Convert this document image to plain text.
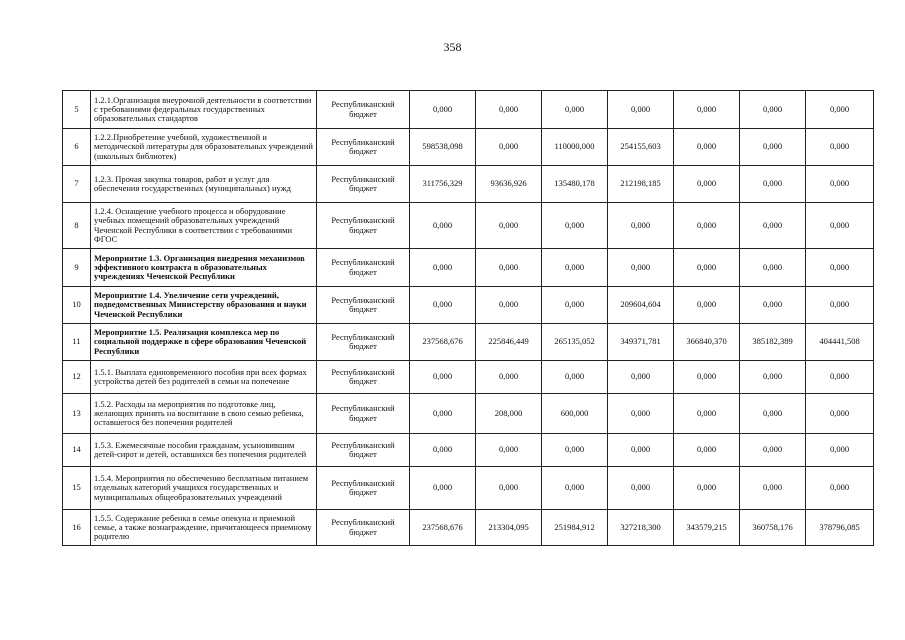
358
5	1.2.1.Организация внеурочной деятельности в соответствии с требованиями федеральных государственных образовательных стандартов	Республиканский бюджет	0,000	0,000	0,000	0,000	0,000	0,000	0,000
6	1.2.2.Приобретение учебной, художественной и методической литературы для образовательных учреждений (школьных библиотек)	Республиканский бюджет	598538,098	0,000	110000,000	254155,603	0,000	0,000	0,000
7	1.2.3. Прочая закупка товаров, работ и услуг для обеспечения государственных (муниципальных) нужд	Республиканский бюджет	311756,329	93636,926	135480,178	212198,185	0,000	0,000	0,000
8	1.2.4. Оснащение учебного процесса и оборудование учебных помещений образовательных учреждений Чеченской Республики в соответствии с требованиями ФГОС	Республиканский бюджет	0,000	0,000	0,000	0,000	0,000	0,000	0,000
9	Мероприятие 1.3. Организация внедрения механизмов эффективного контракта в образовательных учреждениях Чеченской Республики	Республиканский бюджет	0,000	0,000	0,000	0,000	0,000	0,000	0,000
10	Мероприятие 1.4. Увеличение сети учреждений, подведомственных Министерству образования и науки Чеченской Республики	Республиканский бюджет	0,000	0,000	0,000	209604,604	0,000	0,000	0,000
11	Мероприятие 1.5. Реализация комплекса мер по социальной поддержке в сфере образования Чеченской Республики	Республиканский бюджет	237568,676	225846,449	265135,052	349371,781	366840,370	385182,389	404441,508
12	1.5.1. Выплата единовременного пособия при всех формах устройства детей без родителей в семьи на попечение	Республиканский бюджет	0,000	0,000	0,000	0,000	0,000	0,000	0,000
13	1.5.2. Расходы на мероприятия по подготовке лиц, желающих принять на воспитание в свою семью ребенка, оставшегося без попечения родителей	Республиканский бюджет	0,000	208,000	600,000	0,000	0,000	0,000	0,000
14	1.5.3. Ежемесячные пособия гражданам, усыновившим детей-сирот и детей, оставшихся без попечения родителей	Республиканский бюджет	0,000	0,000	0,000	0,000	0,000	0,000	0,000
15	1.5.4. Мероприятия по обеспечению бесплатным питанием отдельных категорий учащихся государственных и муниципальных общеобразовательных учреждений	Республиканский бюджет	0,000	0,000	0,000	0,000	0,000	0,000	0,000
16	1.5.5. Содержание ребенка в семье опекуна и приемной семье, а также вознаграждение, причитающееся приемному родителю	Республиканский бюджет	237568,676	213304,095	251984,912	327218,300	343579,215	360758,176	378796,085
